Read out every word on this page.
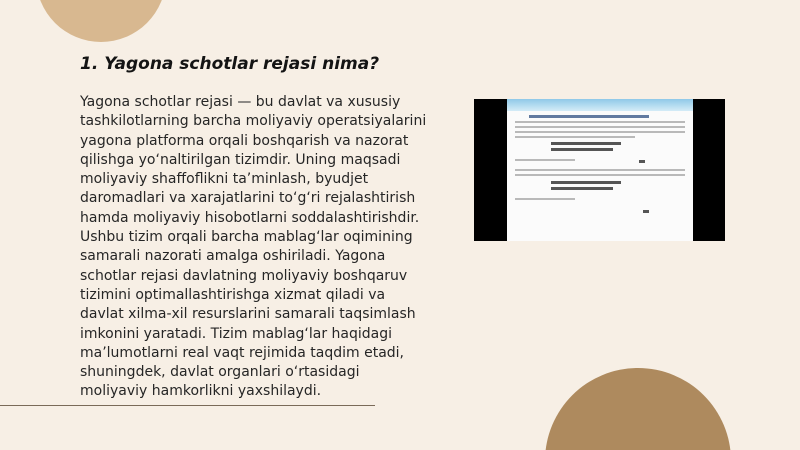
1. Yagona schotlar rejasi nima?

Yagona schotlar rejasi — bu davlat va xususiy tashkilotlarning barcha moliyaviy operatsiyalarini yagona platforma orqali boshqarish va nazorat qilishga yo‘naltirilgan tizimdir. Uning maqsadi moliyaviy shaffoflikni ta’minlash, byudjet daromadlari va xarajatlarini to‘g‘ri rejalashtirish hamda moliyaviy hisobotlarni soddalashtirishdir. Ushbu tizim orqali barcha mablag‘lar oqimining samarali nazorati amalga oshiriladi. Yagona schotlar rejasi davlatning moliyaviy boshqaruv tizimini optimallashtirishga xizmat qiladi va davlat xilma-xil resurslarini samarali taqsimlash imkonini yaratadi. Tizim mablag‘lar haqidagi ma’lumotlarni real vaqt rejimida taqdim etadi, shuningdek, davlat organlari o‘rtasidagi moliyaviy hamkorlikni yaxshilaydi.
